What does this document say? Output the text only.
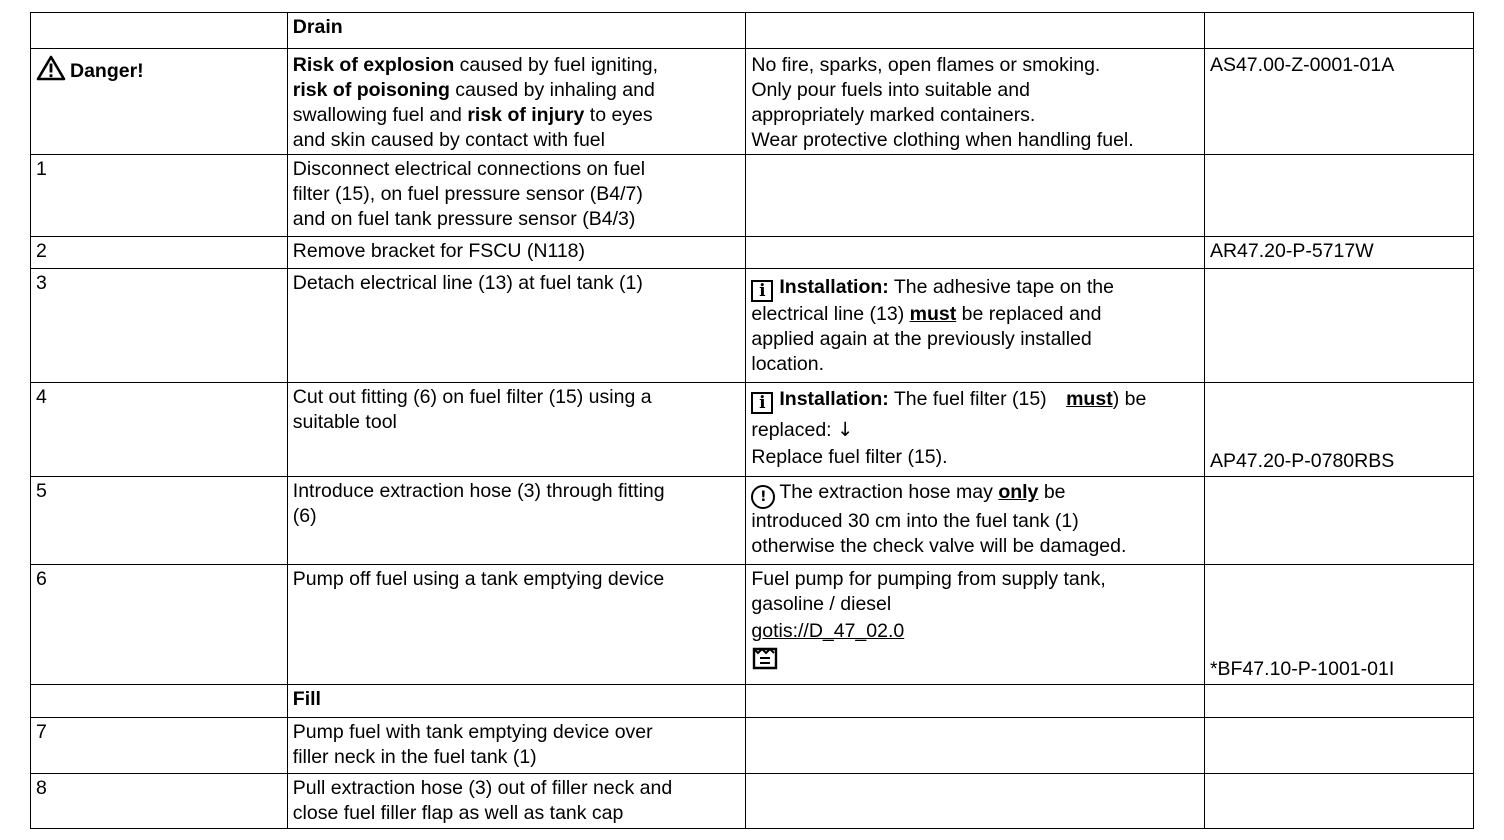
	Drain		
Danger!	Risk of explosion caused by fuel igniting,
risk of poisoning caused by inhaling and
swallowing fuel and risk of injury to eyes
and skin caused by contact with fuel	No fire, sparks, open flames or smoking.
Only pour fuels into suitable and
appropriately marked containers.
Wear protective clothing when handling fuel.	AS47.00-Z-0001-01A
1	Disconnect electrical connections on fuel
filter (15), on fuel pressure sensor (B4/7)
and on fuel tank pressure sensor (B4/3)		

2	Remove bracket for FSCU (N118)		AR47.20-P-5717W
3	Detach electrical line (13) at fuel tank (1)	i Installation: The adhesive tape on the
electrical line (13) must be replaced and
applied again at the previously installed
location.	

4	Cut out fitting (6) on fuel filter (15) using a
suitable tool	i Installation: The fuel filter (15) must) be
replaced: ↓
Replace fuel filter (15).	AP47.20-P-0780RBS
5	Introduce extraction hose (3) through fitting
(6)	! The extraction hose may only be
introduced 30 cm into the fuel tank (1)
otherwise the check valve will be damaged.	

6	Pump off fuel using a tank emptying device	Fuel pump for pumping from supply tank,
gasoline / diesel
gotis://D_47_02.0	*BF47.10-P-1001-01I
	Fill		
7	Pump fuel with tank emptying device over
filler neck in the fuel tank (1)		

8	Pull extraction hose (3) out of filler neck and
close fuel filler flap as well as tank cap		
